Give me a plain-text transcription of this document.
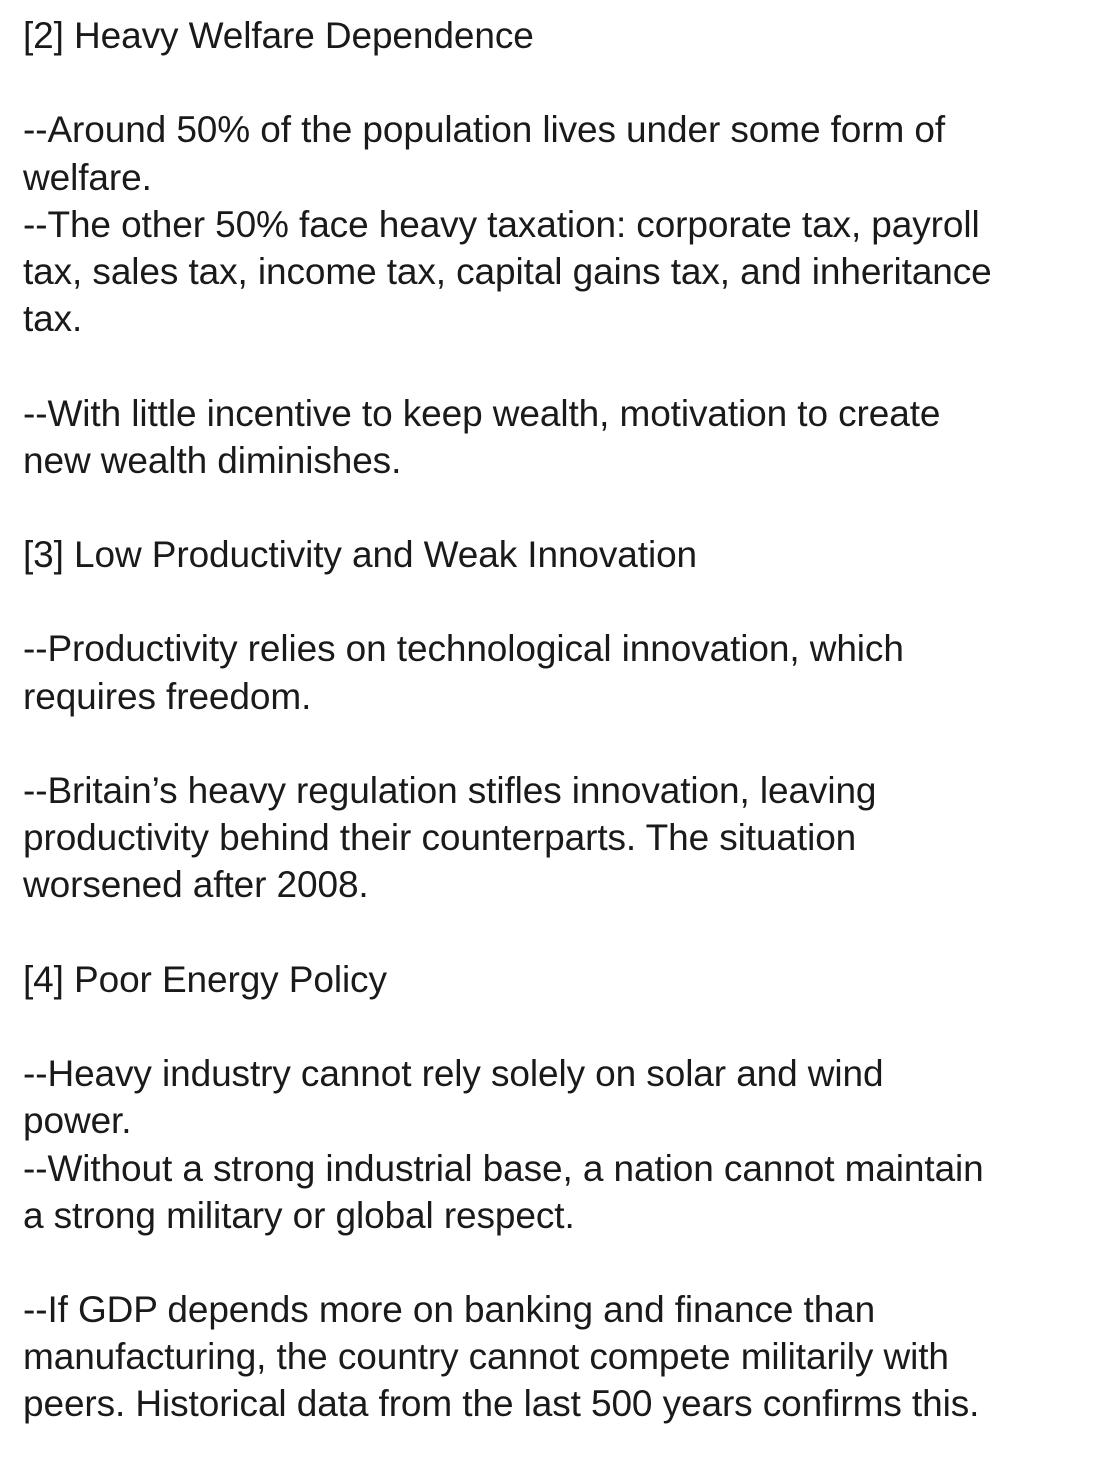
[2] Heavy Welfare Dependence
--Around 50% of the population lives under some form of
welfare.
--The other 50% face heavy taxation: corporate tax, payroll
tax, sales tax, income tax, capital gains tax, and inheritance
tax.
--With little incentive to keep wealth, motivation to create
new wealth diminishes.
[3] Low Productivity and Weak Innovation
--Productivity relies on technological innovation, which
requires freedom.
--Britain’s heavy regulation stifles innovation, leaving
productivity behind their counterparts. The situation
worsened after 2008.
[4] Poor Energy Policy
--Heavy industry cannot rely solely on solar and wind
power.
--Without a strong industrial base, a nation cannot maintain
a strong military or global respect.
--If GDP depends more on banking and finance than
manufacturing, the country cannot compete militarily with
peers. Historical data from the last 500 years confirms this.
